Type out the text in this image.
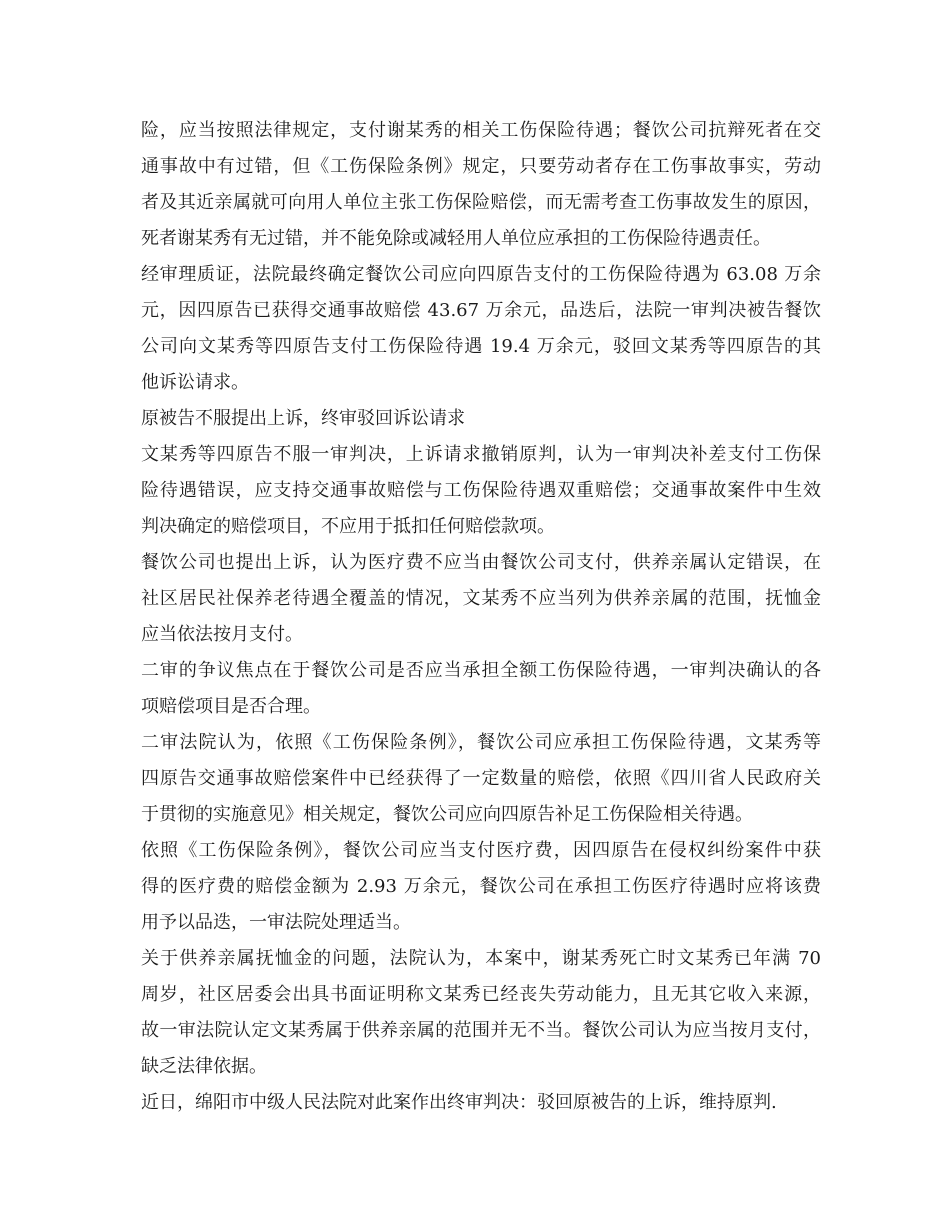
险，应当按照法律规定，支付谢某秀的相关工伤保险待遇；餐饮公司抗辩死者在交
通事故中有过错，但《工伤保险条例》规定，只要劳动者存在工伤事故事实，劳动
者及其近亲属就可向用人单位主张工伤保险赔偿，而无需考查工伤事故发生的原因，
死者谢某秀有无过错，并不能免除或减轻用人单位应承担的工伤保险待遇责任。
经审理质证，法院最终确定餐饮公司应向四原告支付的工伤保险待遇为 63.08 万余
元，因四原告已获得交通事故赔偿 43.67 万余元，品迭后，法院一审判决被告餐饮
公司向文某秀等四原告支付工伤保险待遇 19.4 万余元，驳回文某秀等四原告的其
他诉讼请求。
原被告不服提出上诉，终审驳回诉讼请求
文某秀等四原告不服一审判决，上诉请求撤销原判，认为一审判决补差支付工伤保
险待遇错误，应支持交通事故赔偿与工伤保险待遇双重赔偿；交通事故案件中生效
判决确定的赔偿项目，不应用于抵扣任何赔偿款项。
餐饮公司也提出上诉，认为医疗费不应当由餐饮公司支付，供养亲属认定错误，在
社区居民社保养老待遇全覆盖的情况，文某秀不应当列为供养亲属的范围，抚恤金
应当依法按月支付。
二审的争议焦点在于餐饮公司是否应当承担全额工伤保险待遇，一审判决确认的各
项赔偿项目是否合理。
二审法院认为，依照《工伤保险条例》，餐饮公司应承担工伤保险待遇，文某秀等
四原告交通事故赔偿案件中已经获得了一定数量的赔偿，依照《四川省人民政府关
于贯彻的实施意见》相关规定，餐饮公司应向四原告补足工伤保险相关待遇。
依照《工伤保险条例》，餐饮公司应当支付医疗费，因四原告在侵权纠纷案件中获
得的医疗费的赔偿金额为 2.93 万余元，餐饮公司在承担工伤医疗待遇时应将该费
用予以品迭，一审法院处理适当。
关于供养亲属抚恤金的问题，法院认为，本案中，谢某秀死亡时文某秀已年满 70
周岁，社区居委会出具书面证明称文某秀已经丧失劳动能力，且无其它收入来源，
故一审法院认定文某秀属于供养亲属的范围并无不当。餐饮公司认为应当按月支付，
缺乏法律依据。
近日，绵阳市中级人民法院对此案作出终审判决：驳回原被告的上诉，维持原判.
